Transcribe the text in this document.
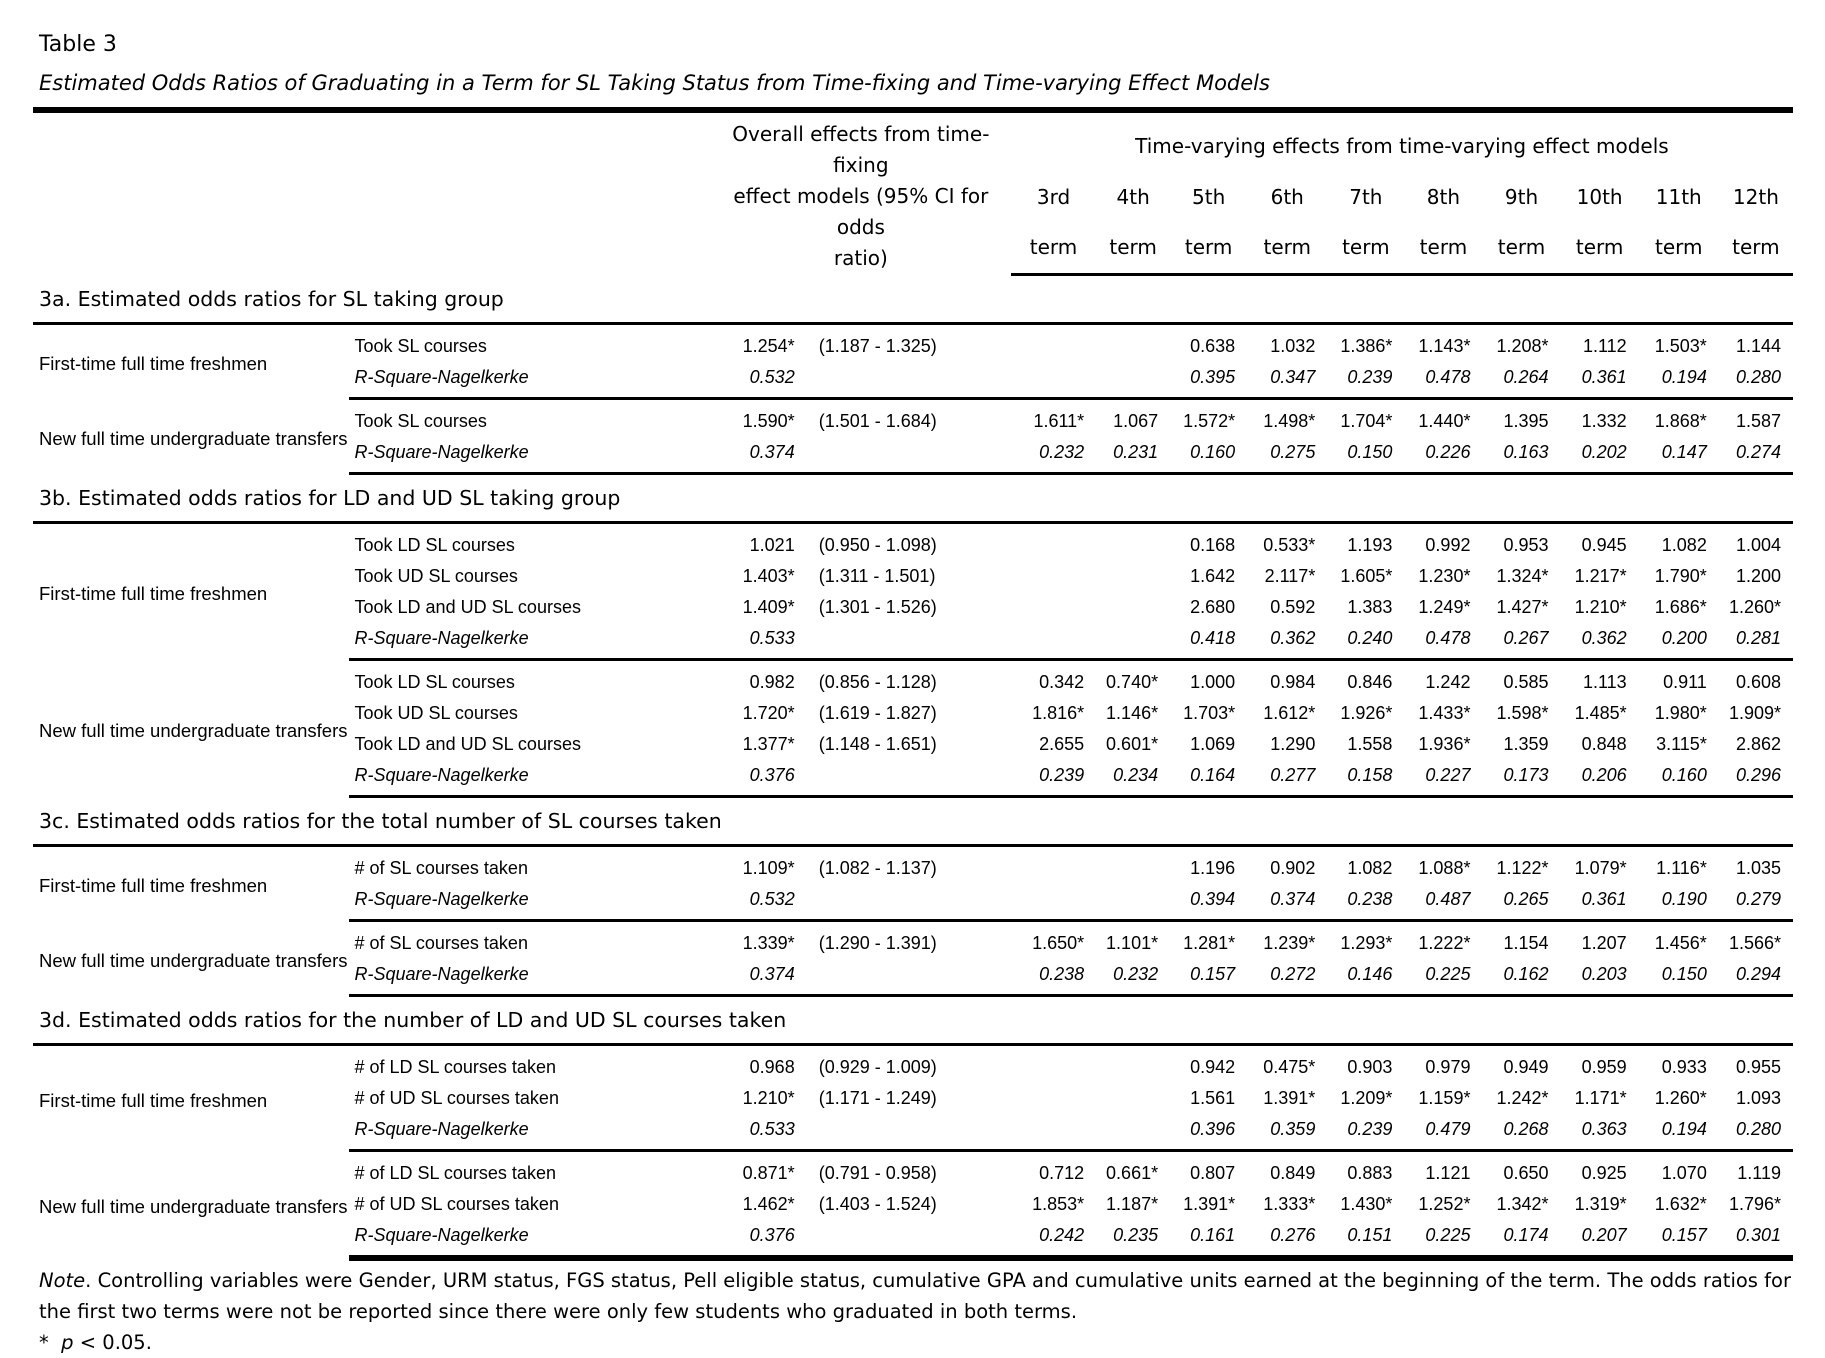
Table 3
Estimated Odds Ratios of Graduating in a Term for SL Taking Status from Time-fixing and Time-varying Effect Models

		Overall effects from time-fixing
effect models (95% CI for odds
ratio)		Time-varying effects from time-varying effect models									
				3rd	4th	5th	6th	7th	8th	9th	10th	11th	12th
				term	term	term	term	term	term	term	term	term	term
3a. Estimated odds ratios for SL taking group													
First-time full time freshmen	Took SL courses	1.254*	(1.187 - 1.325)			0.638	1.032	1.386*	1.143*	1.208*	1.112	1.503*	1.144
	R-Square-Nagelkerke	0.532				0.395	0.347	0.239	0.478	0.264	0.361	0.194	0.280
New full time undergraduate transfers	Took SL courses	1.590*	(1.501 - 1.684)	1.611*	1.067	1.572*	1.498*	1.704*	1.440*	1.395	1.332	1.868*	1.587
	R-Square-Nagelkerke	0.374		0.232	0.231	0.160	0.275	0.150	0.226	0.163	0.202	0.147	0.274
3b. Estimated odds ratios for LD and UD SL taking group													
First-time full time freshmen	Took LD SL courses	1.021	(0.950 - 1.098)			0.168	0.533*	1.193	0.992	0.953	0.945	1.082	1.004
	Took UD SL courses	1.403*	(1.311 - 1.501)			1.642	2.117*	1.605*	1.230*	1.324*	1.217*	1.790*	1.200
	Took LD and UD SL courses	1.409*	(1.301 - 1.526)			2.680	0.592	1.383	1.249*	1.427*	1.210*	1.686*	1.260*
	R-Square-Nagelkerke	0.533				0.418	0.362	0.240	0.478	0.267	0.362	0.200	0.281
New full time undergraduate transfers	Took LD SL courses	0.982	(0.856 - 1.128)	0.342	0.740*	1.000	0.984	0.846	1.242	0.585	1.113	0.911	0.608
	Took UD SL courses	1.720*	(1.619 - 1.827)	1.816*	1.146*	1.703*	1.612*	1.926*	1.433*	1.598*	1.485*	1.980*	1.909*
	Took LD and UD SL courses	1.377*	(1.148 - 1.651)	2.655	0.601*	1.069	1.290	1.558	1.936*	1.359	0.848	3.115*	2.862
	R-Square-Nagelkerke	0.376		0.239	0.234	0.164	0.277	0.158	0.227	0.173	0.206	0.160	0.296
3c. Estimated odds ratios for the total number of SL courses taken													
First-time full time freshmen	# of SL courses taken	1.109*	(1.082 - 1.137)			1.196	0.902	1.082	1.088*	1.122*	1.079*	1.116*	1.035
	R-Square-Nagelkerke	0.532				0.394	0.374	0.238	0.487	0.265	0.361	0.190	0.279
New full time undergraduate transfers	# of SL courses taken	1.339*	(1.290 - 1.391)	1.650*	1.101*	1.281*	1.239*	1.293*	1.222*	1.154	1.207	1.456*	1.566*
	R-Square-Nagelkerke	0.374		0.238	0.232	0.157	0.272	0.146	0.225	0.162	0.203	0.150	0.294
3d. Estimated odds ratios for the number of LD and UD SL courses taken													
First-time full time freshmen	# of LD SL courses taken	0.968	(0.929 - 1.009)			0.942	0.475*	0.903	0.979	0.949	0.959	0.933	0.955
	# of UD SL courses taken	1.210*	(1.171 - 1.249)			1.561	1.391*	1.209*	1.159*	1.242*	1.171*	1.260*	1.093
	R-Square-Nagelkerke	0.533				0.396	0.359	0.239	0.479	0.268	0.363	0.194	0.280
New full time undergraduate transfers	# of LD SL courses taken	0.871*	(0.791 - 0.958)	0.712	0.661*	0.807	0.849	0.883	1.121	0.650	0.925	1.070	1.119
	# of UD SL courses taken	1.462*	(1.403 - 1.524)	1.853*	1.187*	1.391*	1.333*	1.430*	1.252*	1.342*	1.319*	1.632*	1.796*
	R-Square-Nagelkerke	0.376		0.242	0.235	0.161	0.276	0.151	0.225	0.174	0.207	0.157	0.301

Note. Controlling variables were Gender, URM status, FGS status, Pell eligible status, cumulative GPA and cumulative units earned at the beginning of the term. The odds ratios for the first two terms were not be reported since there were only few students who graduated in both terms.

* p < 0.05.
